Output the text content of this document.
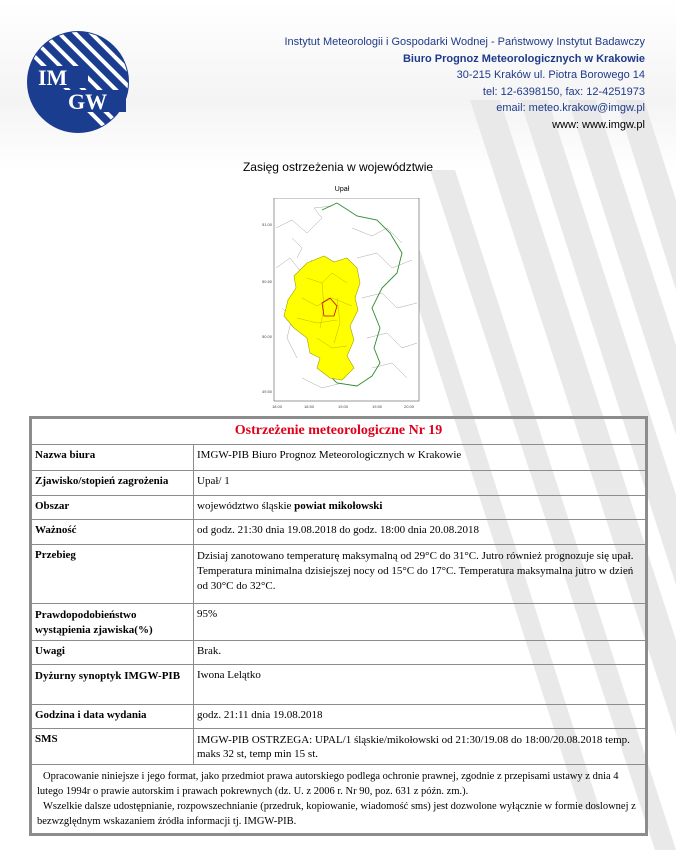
IM
GW
Instytut Meteorologii i Gospodarki Wodnej - Państwowy Instytut Badawczy
Biuro Prognoz Meteorologicznych w Krakowie
30-215 Kraków ul. Piotra Borowego 14
tel: 12-6398150, fax: 12-4251973
email: meteo.krakow@imgw.pl
www: www.imgw.pl
Zasięg ostrzeżenia w województwie
Upał
51.00
50.50
50.00
49.50
18.00	18.50	19.00	19.50	20.00
Ostrzeżenie meteorologiczne Nr 19	
Nazwa biura	IMGW-PIB Biuro Prognoz Meteorologicznych w Krakowie
Zjawisko/stopień zagrożenia	Upał/ 1
Obszar	województwo śląskie powiat mikołowski
Ważność	od godz. 21:30 dnia 19.08.2018 do godz. 18:00 dnia 20.08.2018
Przebieg	Dzisiaj zanotowano temperaturę maksymalną od 29°C do 31°C. Jutro również prognozuje się upał. Temperatura minimalna dzisiejszej nocy od 15°C do 17°C. Temperatura maksymalna jutro w dzień od 30°C do 32°C.
Prawdopodobieństwo wystąpienia zjawiska(%)	95%
Uwagi	Brak.
Dyżurny synoptyk IMGW-PIB	Iwona Lelątko
Godzina i data wydania	godz. 21:11 dnia 19.08.2018
SMS	IMGW-PIB OSTRZEGA: UPAL/1 śląskie/mikołowski od 21:30/19.08 do 18:00/20.08.2018 temp. maks 32 st, temp min 15 st.

Opracowanie niniejsze i jego format, jako przedmiot prawa autorskiego podlega ochronie prawnej, zgodnie z przepisami ustawy z dnia 4 lutego 1994r o prawie autorskim i prawach pokrewnych (dz. U. z 2006 r. Nr 90, poz. 631 z późn. zm.).
Wszelkie dalsze udostępnianie, rozpowszechnianie (przedruk, kopiowanie, wiadomość sms) jest dozwolone wyłącznie w formie doslownej z bezwzględnym wskazaniem źródła informacji tj. IMGW-PIB.	
